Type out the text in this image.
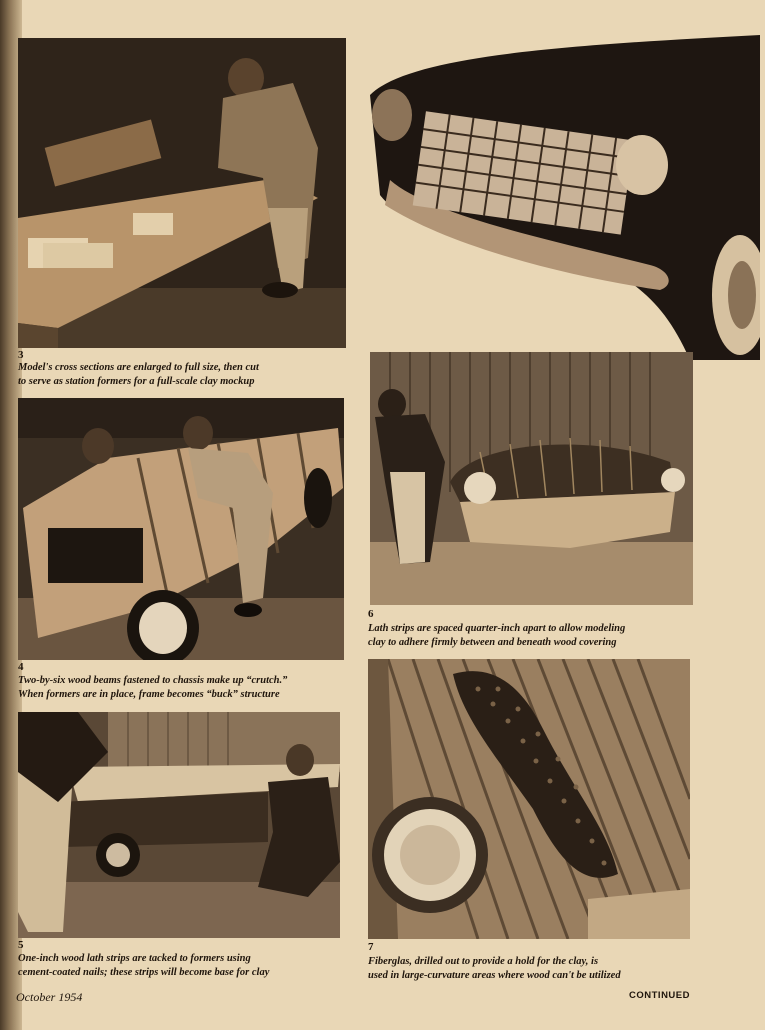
3
Model's cross sections are enlarged to full size, then cut
to serve as station formers for a full-scale clay mockup
4
Two-by-six wood beams fastened to chassis make up “crutch.”
When formers are in place, frame becomes “buck” structure
5
One-inch wood lath strips are tacked to formers using
cement-coated nails; these strips will become base for clay
6
Lath strips are spaced quarter-inch apart to allow modeling
clay to adhere firmly between and beneath wood covering
7
Fiberglas, drilled out to provide a hold for the clay, is
used in large-curvature areas where wood can't be utilized
October 1954	CONTINUED
